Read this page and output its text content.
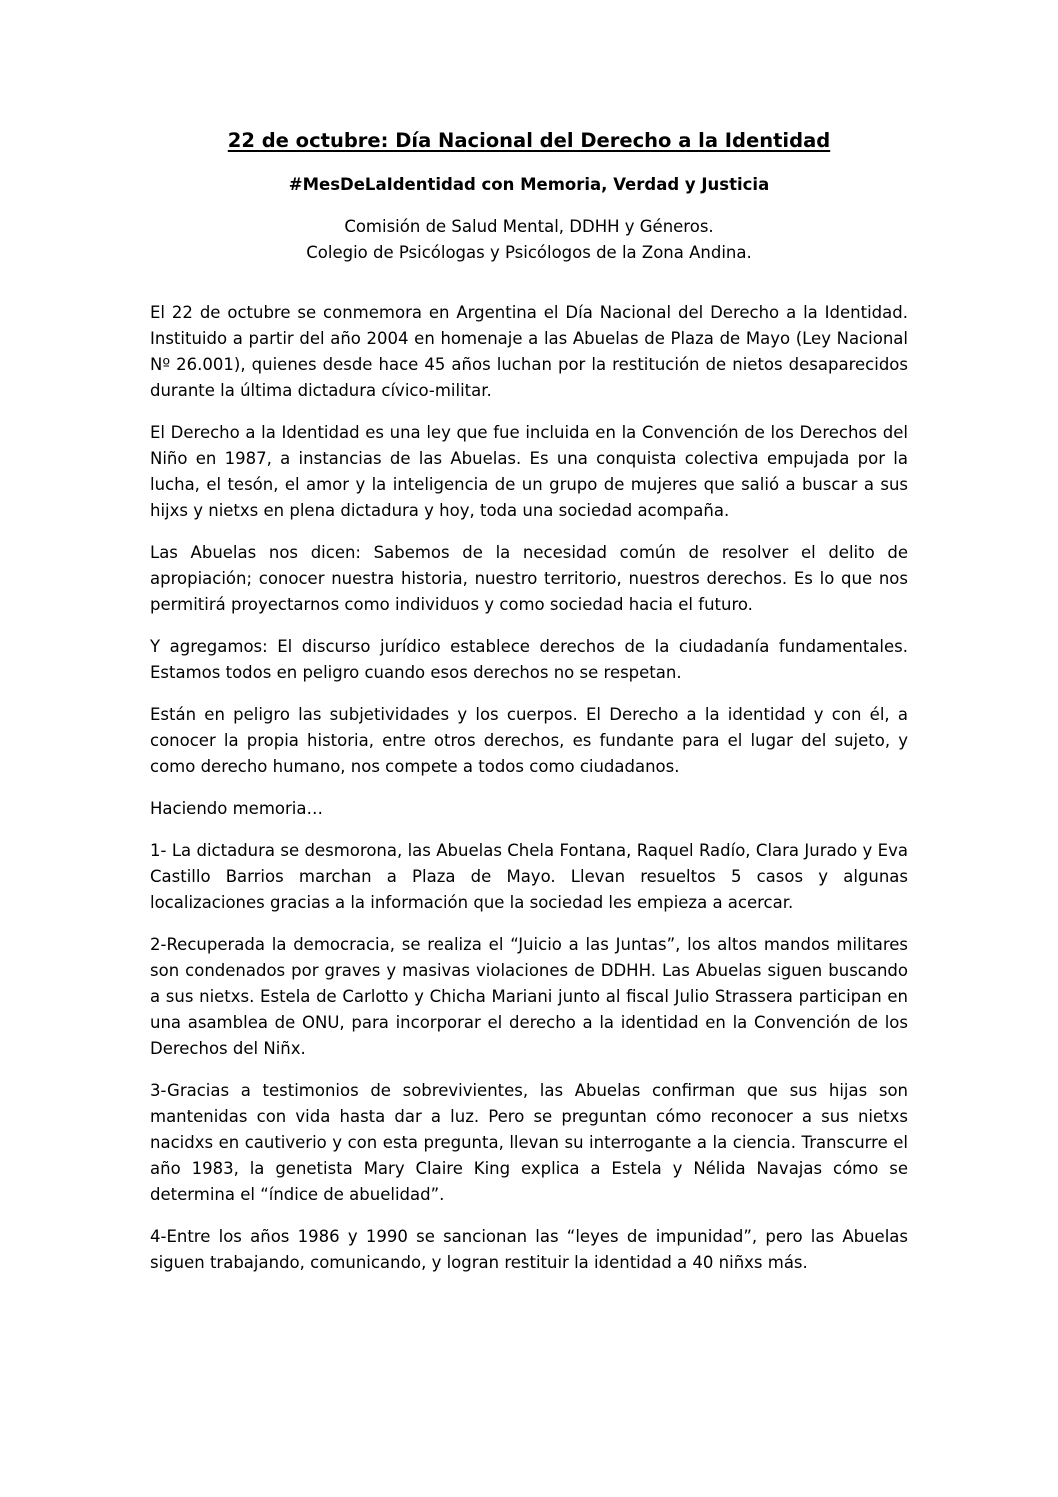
22 de octubre: Día Nacional del Derecho a la Identidad
#MesDeLaIdentidad con Memoria, Verdad y Justicia
Comisión de Salud Mental, DDHH y Géneros.
Colegio de Psicólogas y Psicólogos de la Zona Andina.

El 22 de octubre se conmemora en Argentina el Día Nacional del Derecho a la Identidad. Instituido a partir del año 2004 en homenaje a las Abuelas de Plaza de Mayo (Ley Nacional Nº 26.001), quienes desde hace 45 años luchan por la restitución de nietos desaparecidos durante la última dictadura cívico-militar.

El Derecho a la Identidad es una ley que fue incluida en la Convención de los Derechos del Niño en 1987, a instancias de las Abuelas. Es una conquista colectiva empujada por la lucha, el tesón, el amor y la inteligencia de un grupo de mujeres que salió a buscar a sus hijxs y nietxs en plena dictadura y hoy, toda una sociedad acompaña.

Las Abuelas nos dicen: Sabemos de la necesidad común de resolver el delito de apropiación; conocer nuestra historia, nuestro territorio, nuestros derechos. Es lo que nos permitirá proyectarnos como individuos y como sociedad hacia el futuro.

Y agregamos: El discurso jurídico establece derechos de la ciudadanía fundamentales. Estamos todos en peligro cuando esos derechos no se respetan.

Están en peligro las subjetividades y los cuerpos. El Derecho a la identidad y con él, a conocer la propia historia, entre otros derechos, es fundante para el lugar del sujeto, y como derecho humano, nos compete a todos como ciudadanos.

Haciendo memoria…

1- La dictadura se desmorona, las Abuelas Chela Fontana, Raquel Radío, Clara Jurado y Eva Castillo Barrios marchan a Plaza de Mayo. Llevan resueltos 5 casos y algunas localizaciones gracias a la información que la sociedad les empieza a acercar.

2-Recuperada la democracia, se realiza el “Juicio a las Juntas”, los altos mandos militares son condenados por graves y masivas violaciones de DDHH. Las Abuelas siguen buscando a sus nietxs. Estela de Carlotto y Chicha Mariani junto al fiscal Julio Strassera participan en una asamblea de ONU, para incorporar el derecho a la identidad en la Convención de los Derechos del Niñx.

3-Gracias a testimonios de sobrevivientes, las Abuelas confirman que sus hijas son mantenidas con vida hasta dar a luz. Pero se preguntan cómo reconocer a sus nietxs nacidxs en cautiverio y con esta pregunta, llevan su interrogante a la ciencia. Transcurre el año 1983, la genetista Mary Claire King explica a Estela y Nélida Navajas cómo se determina el “índice de abuelidad”.

4-Entre los años 1986 y 1990 se sancionan las “leyes de impunidad”, pero las Abuelas siguen trabajando, comunicando, y logran restituir la identidad a 40 niñxs más.
